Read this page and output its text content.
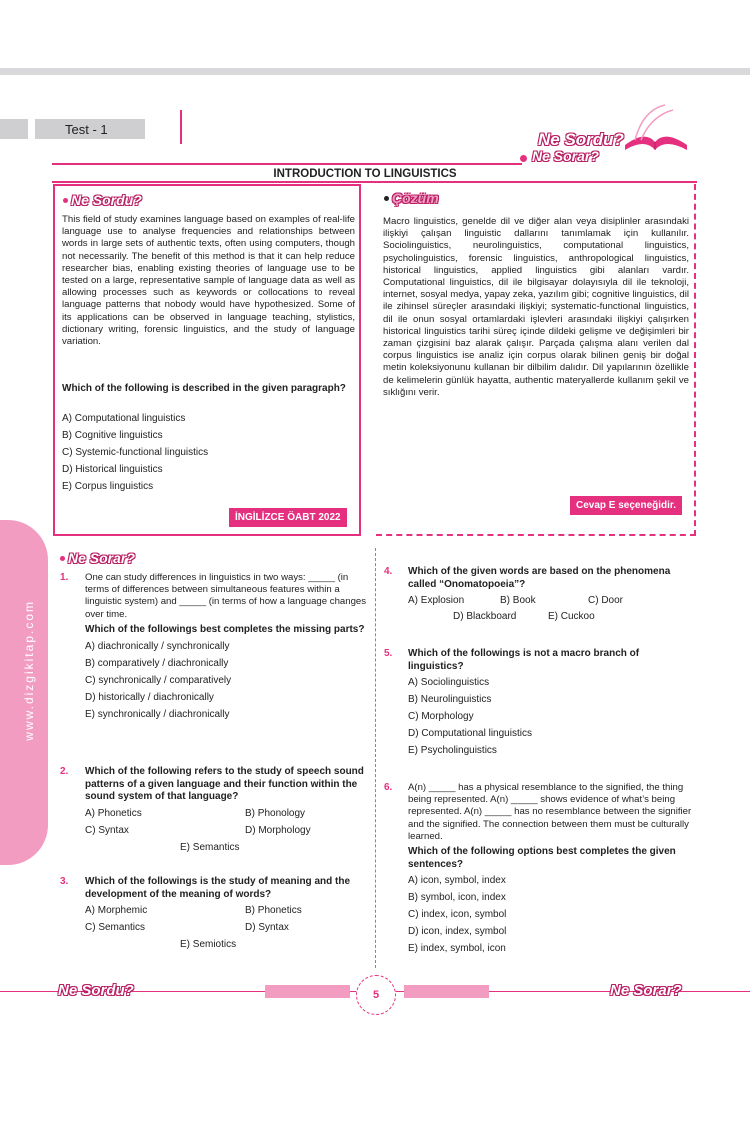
Test - 1
Ne Sordu?
Ne Sorar?
INTRODUCTION TO LINGUISTICS
Ne Sordu?

This field of study examines language based on examples of real-life language use to analyse frequencies and relationships between words in large sets of authentic texts, often using computers, though not necessarily. The benefit of this method is that it can help reduce researcher bias, enabling existing theories of language use to be tested on a large, representative sample of language data as well as allowing processes such as keywords or collocations to reveal language patterns that nobody would have hypothesized. Some of its applications can be observed in language teaching, stylistics, dictionary writing, forensic linguistics, and the study of language variation.

Which of the following is described in the given paragraph?

A) Computational linguistics
B) Cognitive linguistics
C) Systemic-functional linguistics
D) Historical linguistics
E) Corpus linguistics
İNGİLİZCE ÖABT 2022
Çözüm

Macro linguistics, genelde dil ve diğer alan veya disiplinler arasındaki ilişkiyi çalışan linguistic dallarını tanımlamak için kullanılır. Sociolinguistics, neurolinguistics, computational linguistics, psycholinguistics, forensic linguistics, anthropological linguistics, historical linguistics, applied linguistics gibi alanları vardır. Computational linguistics, dil ile bilgisayar dolayısıyla dil ile teknoloji, internet, sosyal medya, yapay zeka, yazılım gibi; cognitive linguistics, dil ile zihinsel süreçler arasındaki ilişkiyi; systematic-functional linguistics, dil ile onun sosyal ortamlardaki işlevleri arasındaki ilişkiyi çalışırken historical linguistics tarihi süreç içinde dildeki gelişme ve değişimleri bir zaman çizgisini baz alarak çalışır. Parçada çalışma alanı verilen dal corpus linguistics ise analiz için corpus olarak bilinen geniş bir doğal metin koleksiyonunu kullanan bir dilbilim dalıdır. Dil yapılarının özellikle de kelimelerin günlük hayatta, authentic materyallerde kullanım şekil ve sıklığını verir.

Cevap E seçeneğidir.
www.dizgikitap.com
Ne Sorar?
1. One can study differences in linguistics in two ways: _____ (in terms of differences between simultaneous features within a linguistic system) and _____ (in terms of how a language changes over time.

Which of the followings best completes the missing parts?

A) diachronically / synchronically
B) comparatively / diachronically
C) synchronically / comparatively
D) historically / diachronically
E) synchronically / diachronically
2. Which of the following refers to the study of speech sound patterns of a given language and their function within the sound system of that language?

A) Phonetics	B) Phonology
C) Syntax	D) Morphology
E) Semantics
3. Which of the followings is the study of meaning and the development of the meaning of words?

A) Morphemic	B) Phonetics
C) Semantics	D) Syntax
E) Semiotics
4. Which of the given words are based on the phenomena called “Onomatopoeia”?

A) Explosion	B) Book	C) Door
D) Blackboard	E) Cuckoo
5. Which of the followings is not a macro branch of linguistics?

A) Sociolinguistics
B) Neurolinguistics
C) Morphology
D) Computational linguistics
E) Psycholinguistics
6. A(n) _____ has a physical resemblance to the signified, the thing being represented. A(n) _____ shows evidence of what’s being represented. A(n) _____ has no resemblance between the signifier and the signified. The connection between them must be culturally learned.

Which of the following options best completes the given sentences?

A) icon, symbol, index
B) symbol, icon, index
C) index, icon, symbol
D) icon, index, symbol
E) index, symbol, icon
Ne Sordu?	5	Ne Sorar?
